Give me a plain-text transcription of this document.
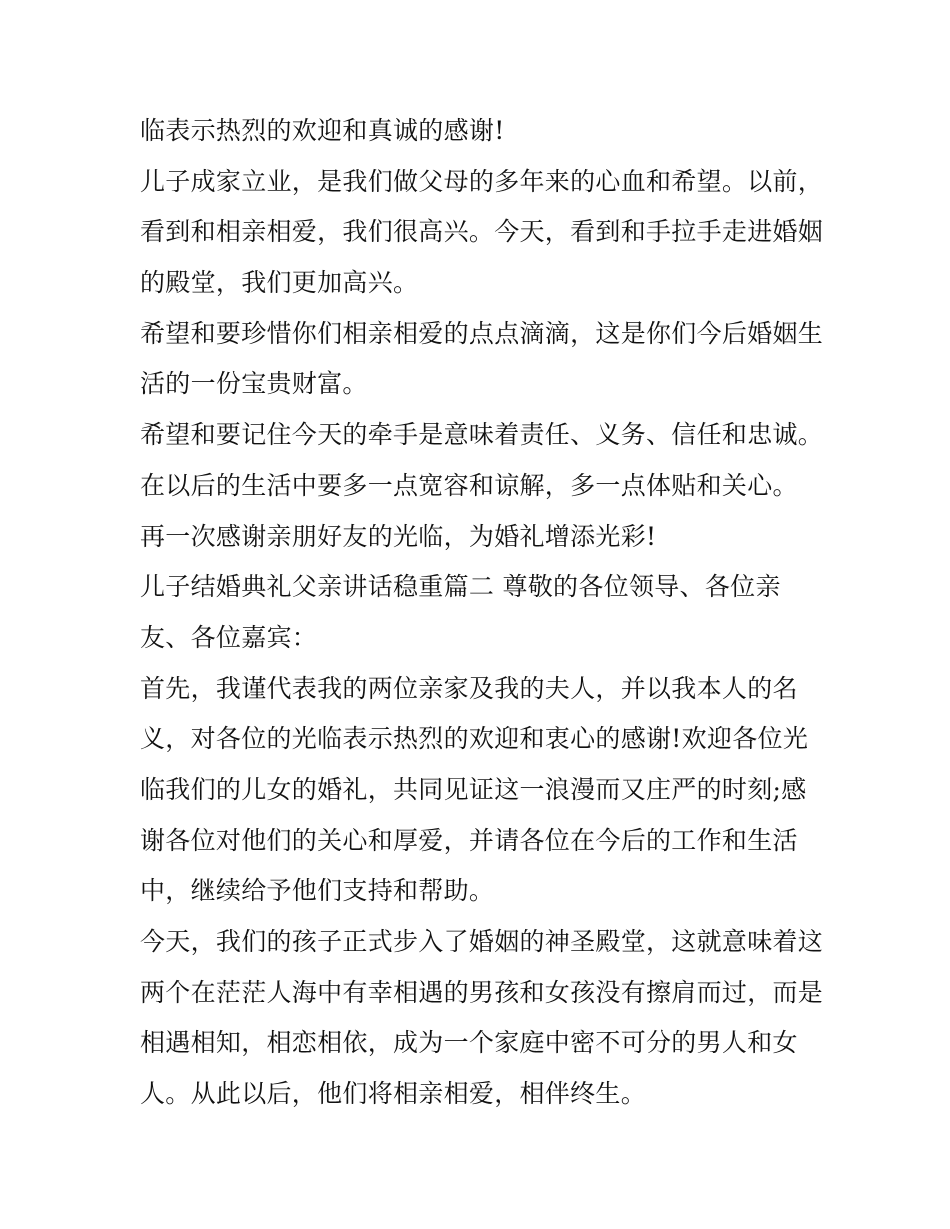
临表示热烈的欢迎和真诚的感谢!
儿子成家立业，是我们做父母的多年来的心血和希望。以前，
看到和相亲相爱，我们很高兴。今天，看到和手拉手走进婚姻
的殿堂，我们更加高兴。
希望和要珍惜你们相亲相爱的点点滴滴，这是你们今后婚姻生
活的一份宝贵财富。
希望和要记住今天的牵手是意味着责任、义务、信任和忠诚。
在以后的生活中要多一点宽容和谅解，多一点体贴和关心。
再一次感谢亲朋好友的光临，为婚礼增添光彩!
儿子结婚典礼父亲讲话稳重篇二 尊敬的各位领导、各位亲
友、各位嘉宾：
首先，我谨代表我的两位亲家及我的夫人，并以我本人的名
义，对各位的光临表示热烈的欢迎和衷心的感谢!欢迎各位光
临我们的儿女的婚礼，共同见证这一浪漫而又庄严的时刻;感
谢各位对他们的关心和厚爱，并请各位在今后的工作和生活
中，继续给予他们支持和帮助。
今天，我们的孩子正式步入了婚姻的神圣殿堂，这就意味着这
两个在茫茫人海中有幸相遇的男孩和女孩没有擦肩而过，而是
相遇相知，相恋相依，成为一个家庭中密不可分的男人和女
人。从此以后，他们将相亲相爱，相伴终生。
